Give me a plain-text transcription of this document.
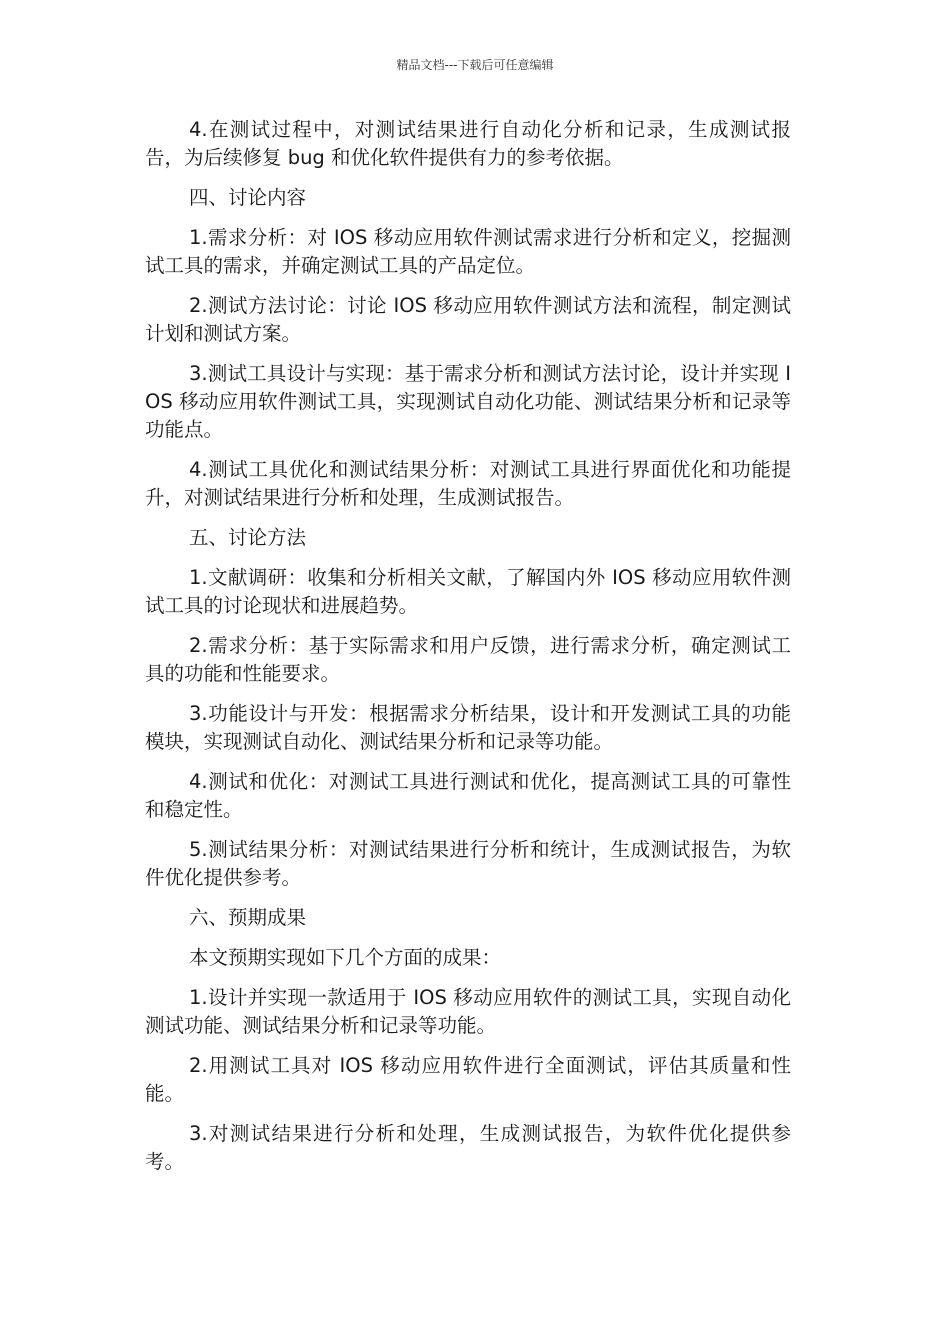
精品文档---下载后可任意编辑

4.在测试过程中，对测试结果进行自动化分析和记录，生成测试报告，为后续修复 bug 和优化软件提供有力的参考依据。

四、讨论内容

1.需求分析：对 IOS 移动应用软件测试需求进行分析和定义，挖掘测试工具的需求，并确定测试工具的产品定位。

2.测试方法讨论：讨论 IOS 移动应用软件测试方法和流程，制定测试计划和测试方案。

3.测试工具设计与实现：基于需求分析和测试方法讨论，设计并实现 IOS 移动应用软件测试工具，实现测试自动化功能、测试结果分析和记录等功能点。

4.测试工具优化和测试结果分析：对测试工具进行界面优化和功能提升，对测试结果进行分析和处理，生成测试报告。

五、讨论方法

1.文献调研：收集和分析相关文献，了解国内外 IOS 移动应用软件测试工具的讨论现状和进展趋势。

2.需求分析：基于实际需求和用户反馈，进行需求分析，确定测试工具的功能和性能要求。

3.功能设计与开发：根据需求分析结果，设计和开发测试工具的功能模块，实现测试自动化、测试结果分析和记录等功能。

4.测试和优化：对测试工具进行测试和优化，提高测试工具的可靠性和稳定性。

5.测试结果分析：对测试结果进行分析和统计，生成测试报告，为软件优化提供参考。

六、预期成果

本文预期实现如下几个方面的成果：

1.设计并实现一款适用于 IOS 移动应用软件的测试工具，实现自动化测试功能、测试结果分析和记录等功能。

2.用测试工具对 IOS 移动应用软件进行全面测试，评估其质量和性能。

3.对测试结果进行分析和处理，生成测试报告，为软件优化提供参考。
